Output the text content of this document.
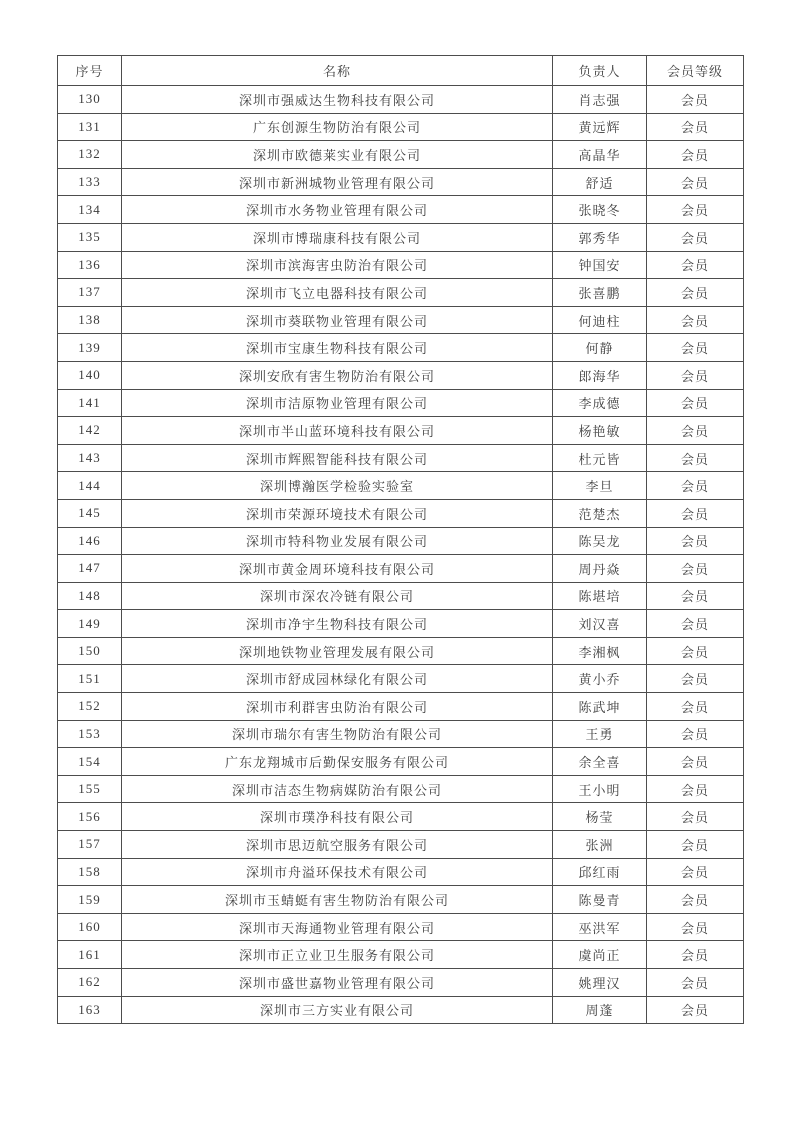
序号	名称	负责人	会员等级
130	深圳市强威达生物科技有限公司	肖志强	会员
131	广东创源生物防治有限公司	黄远辉	会员
132	深圳市欧德莱实业有限公司	高晶华	会员
133	深圳市新洲城物业管理有限公司	舒适	会员
134	深圳市水务物业管理有限公司	张晓冬	会员
135	深圳市博瑞康科技有限公司	郭秀华	会员
136	深圳市滨海害虫防治有限公司	钟国安	会员
137	深圳市飞立电器科技有限公司	张喜鹏	会员
138	深圳市葵联物业管理有限公司	何迪柱	会员
139	深圳市宝康生物科技有限公司	何静	会员
140	深圳安欣有害生物防治有限公司	郎海华	会员
141	深圳市洁原物业管理有限公司	李成德	会员
142	深圳市半山蓝环境科技有限公司	杨艳敏	会员
143	深圳市辉熙智能科技有限公司	杜元皆	会员
144	深圳博瀚医学检验实验室	李旦	会员
145	深圳市荣源环境技术有限公司	范楚杰	会员
146	深圳市特科物业发展有限公司	陈吴龙	会员
147	深圳市黄金周环境科技有限公司	周丹焱	会员
148	深圳市深农冷链有限公司	陈堪培	会员
149	深圳市净宇生物科技有限公司	刘汉喜	会员
150	深圳地铁物业管理发展有限公司	李湘枫	会员
151	深圳市舒成园林绿化有限公司	黄小乔	会员
152	深圳市利群害虫防治有限公司	陈武坤	会员
153	深圳市瑞尔有害生物防治有限公司	王勇	会员
154	广东龙翔城市后勤保安服务有限公司	余全喜	会员
155	深圳市洁态生物病媒防治有限公司	王小明	会员
156	深圳市璞净科技有限公司	杨莹	会员
157	深圳市思迈航空服务有限公司	张洲	会员
158	深圳市舟溢环保技术有限公司	邱红雨	会员
159	深圳市玉蜻蜓有害生物防治有限公司	陈曼青	会员
160	深圳市天海通物业管理有限公司	巫洪军	会员
161	深圳市正立业卫生服务有限公司	虞尚正	会员
162	深圳市盛世嘉物业管理有限公司	姚理汉	会员
163	深圳市三方实业有限公司	周蓬	会员
